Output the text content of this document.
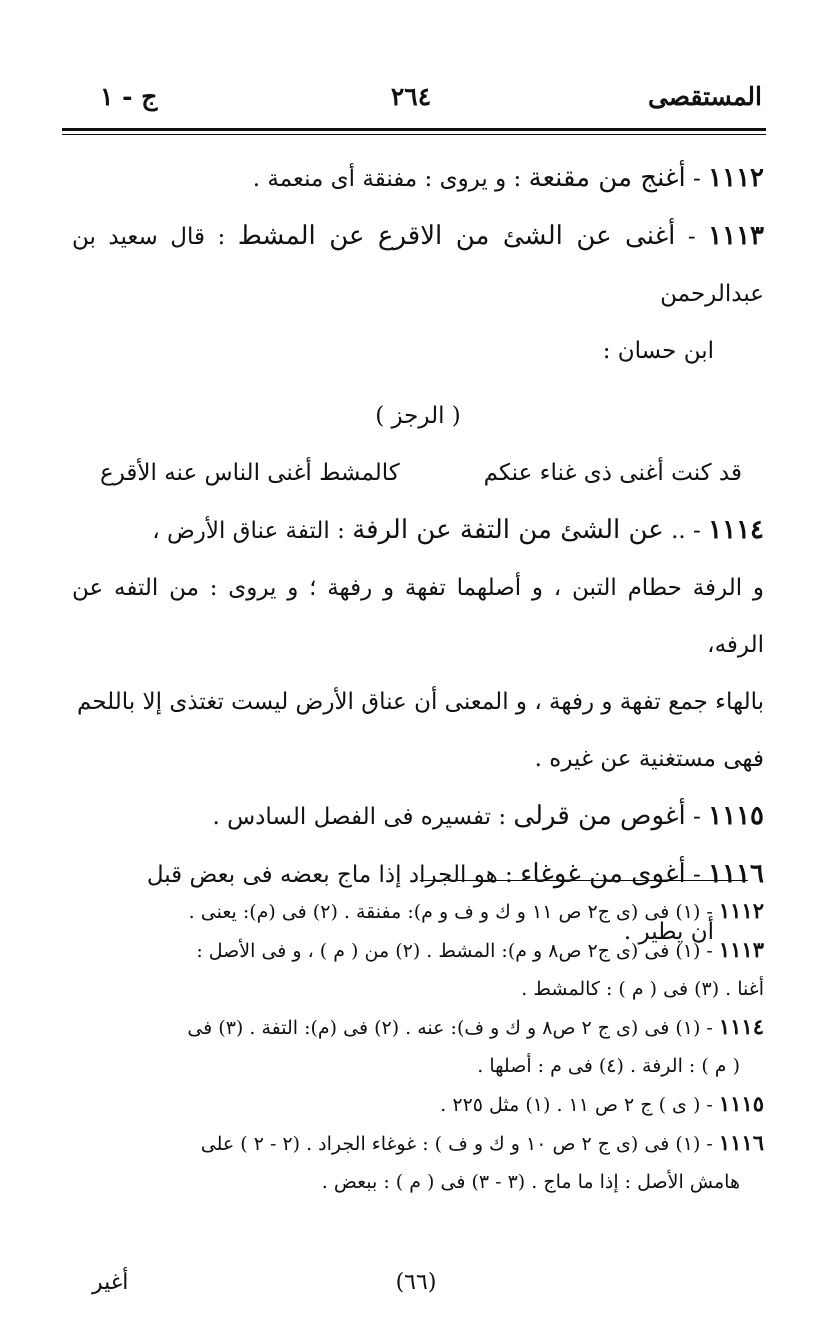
المستقصى
٢٦٤
ج - ١
١١١٢ - أغنج من مقنعة : و يروى : مفنقة أى منعمة .
١١١٣ - أغنى عن الشئ من الاقرع عن المشط : قال سعيد بن عبدالرحمن
ابن حسان :
( الرجز )
قد كنت أغنى ذى غناء عنكم
كالمشط أغنى الناس عنه الأقرع
١١١٤ - .. عن الشئ من التفة عن الرفة : التفة عناق الأرض ،
و الرفة حطام التبن ، و أصلهما تفهة و رفهة ؛ و يروى : من التفه عن الرفه،
بالهاء جمع تفهة و رفهة ، و المعنى أن عناق الأرض ليست تغتذى إلا باللحم
فهى مستغنية عن غيره .
١١١٥ - أغوص من قرلى : تفسيره فى الفصل السادس .
١١١٦ - أغوى من غوغاء : هو الجراد إذا ماج بعضه فى بعض قبل
أن يطير .
١١١٢ - (١) فى (ى ج٢ ص ١١ و ك و ف و م): مفنقة . (٢) فى (م): يعنى .
١١١٣ - (١) فى (ى ج٢ ص٨ و م): المشط . (٢) من ( م ) ، و فى الأصل :
أغنا . (٣) فى ( م ) : كالمشط .
١١١٤ - (١) فى (ى ج ٢ ص٨ و ك و ف): عنه . (٢) فى (م): التفة . (٣) فى
( م ) : الرفة . (٤) فى م : أصلها .
١١١٥ - ( ى ) ج ٢ ص ١١ . (١) مثل ٢٢٥ .
١١١٦ - (١) فى (ى ج ٢ ص ١٠ و ك و ف ) : غوغاء الجراد . (٢ - ٢ ) على
هامش الأصل : إذا ما ماج . (٣ - ٣) فى ( م ) : ببعض .
(٦٦)
أغير
